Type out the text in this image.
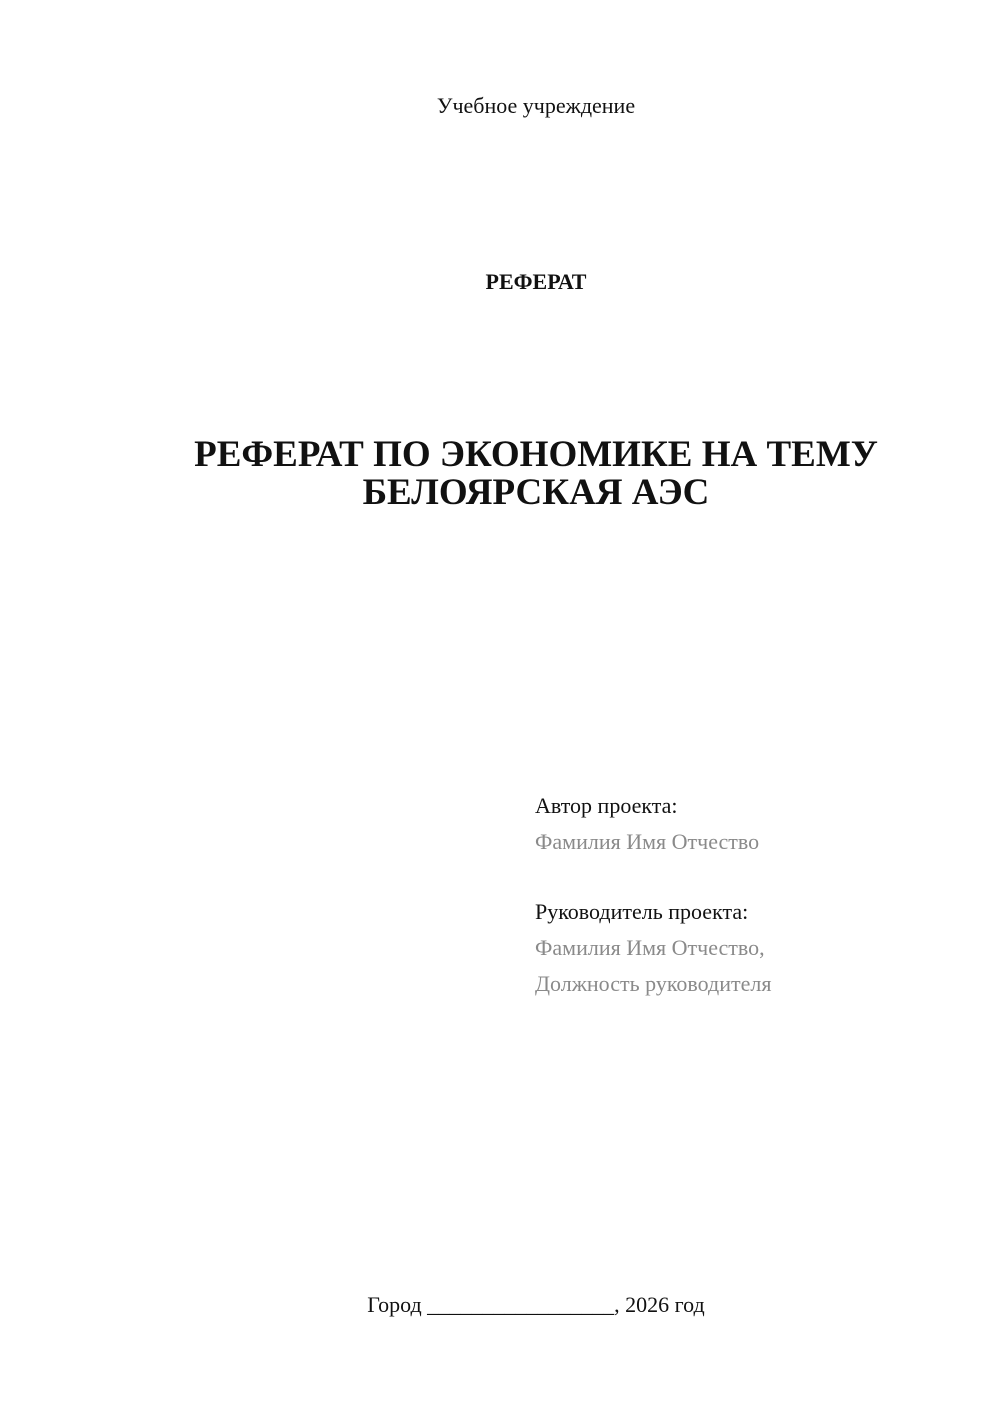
Учебное учреждение
РЕФЕРАТ
РЕФЕРАТ ПО ЭКОНОМИКЕ НА ТЕМУ
БЕЛОЯРСКАЯ АЭС
Автор проекта:
Фамилия Имя Отчество
Руководитель проекта:
Фамилия Имя Отчество,
Должность руководителя
Город _________________, 2026 год
